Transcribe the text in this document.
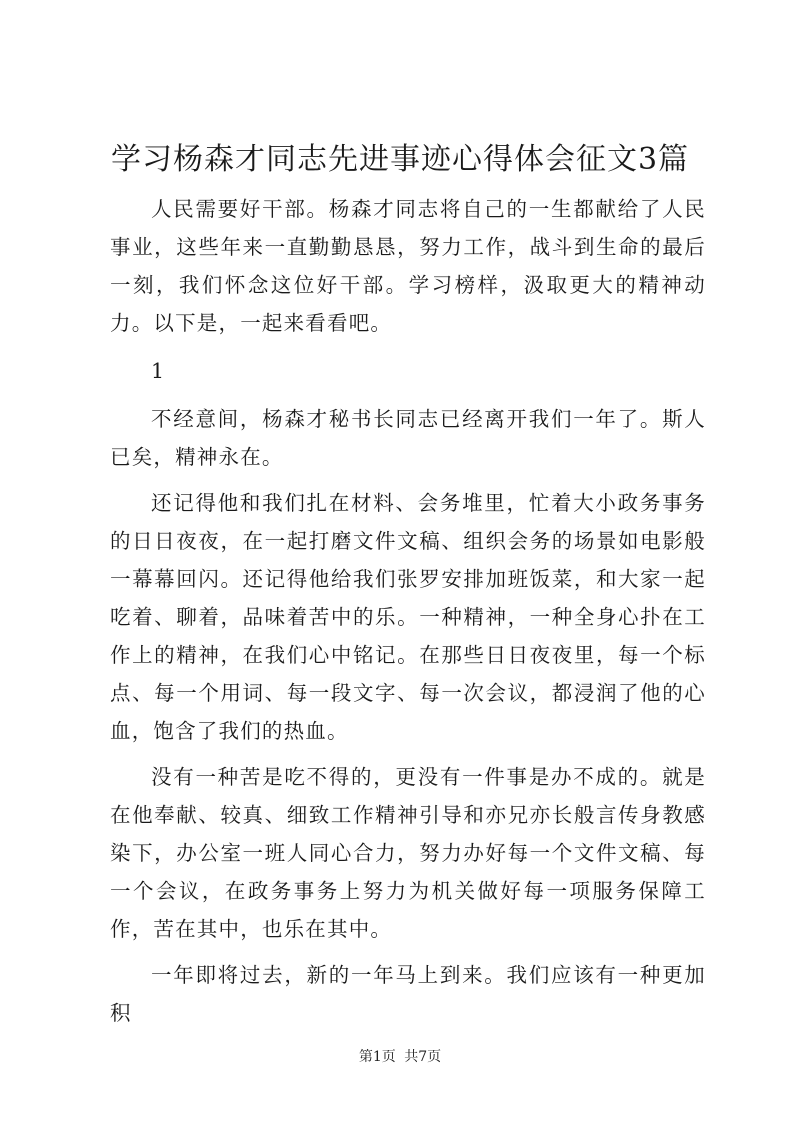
学习杨森才同志先进事迹心得体会征文3篇

人民需要好干部。杨森才同志将自己的一生都献给了人民事业，这些年来一直勤勤恳恳，努力工作，战斗到生命的最后一刻，我们怀念这位好干部。学习榜样，汲取更大的精神动力。以下是，一起来看看吧。

1

不经意间，杨森才秘书长同志已经离开我们一年了。斯人已矣，精神永在。

还记得他和我们扎在材料、会务堆里，忙着大小政务事务的日日夜夜，在一起打磨文件文稿、组织会务的场景如电影般一幕幕回闪。还记得他给我们张罗安排加班饭菜，和大家一起吃着、聊着，品味着苦中的乐。一种精神，一种全身心扑在工作上的精神，在我们心中铭记。在那些日日夜夜里，每一个标点、每一个用词、每一段文字、每一次会议，都浸润了他的心血，饱含了我们的热血。

没有一种苦是吃不得的，更没有一件事是办不成的。就是在他奉献、较真、细致工作精神引导和亦兄亦长般言传身教感染下，办公室一班人同心合力，努力办好每一个文件文稿、每一个会议，在政务事务上努力为机关做好每一项服务保障工作，苦在其中，也乐在其中。

一年即将过去，新的一年马上到来。我们应该有一种更加积

第1页 共7页
